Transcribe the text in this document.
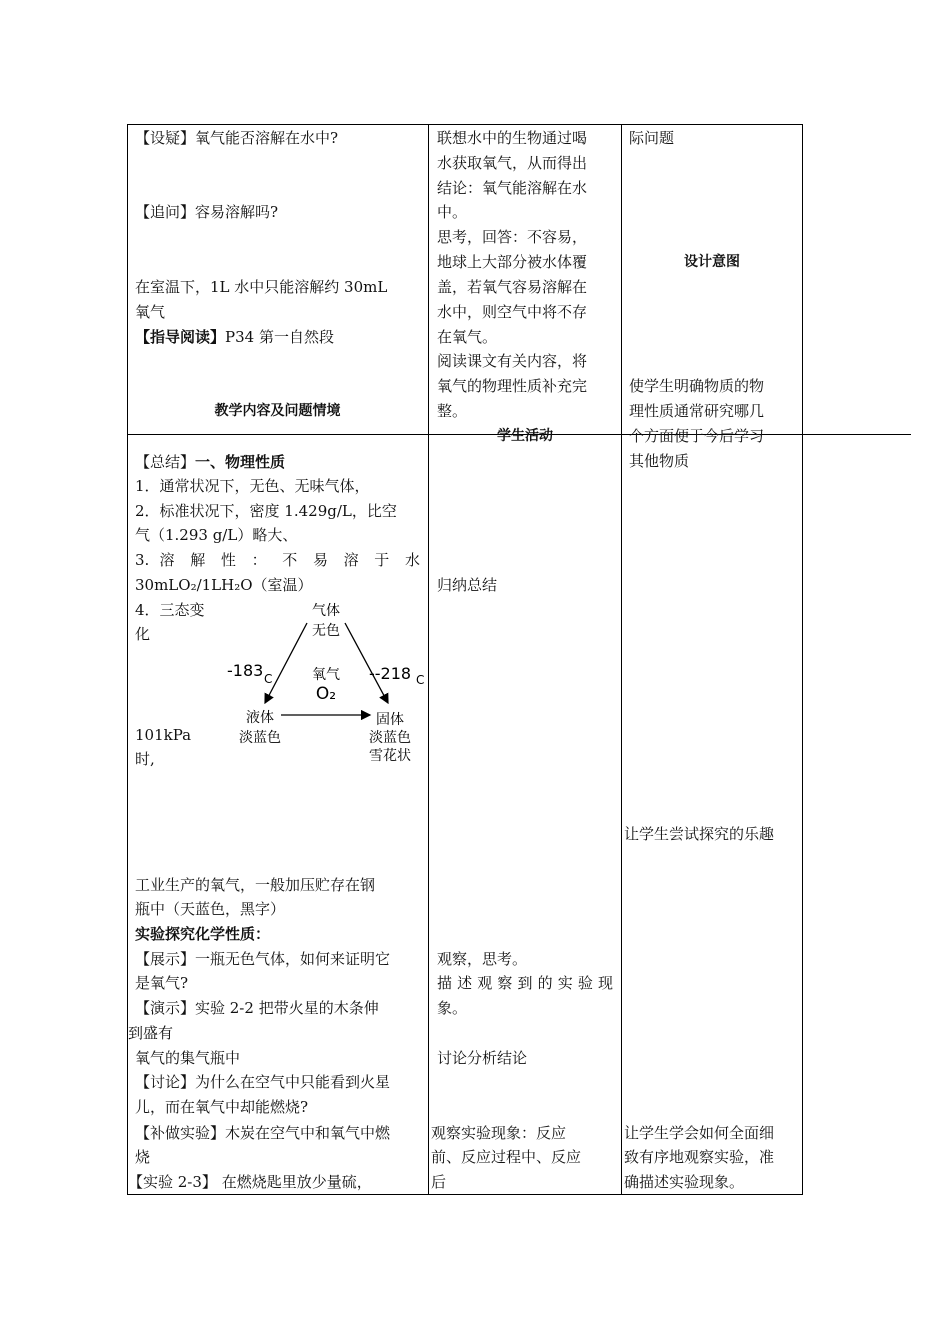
【设疑】氧气能否溶解在水中?
【追问】容易溶解吗?
在室温下，1L 水中只能溶解约 30mL
氧气
【指导阅读】P34 第一自然段
教学内容及问题情境
【总结】一、物理性质
1．通常状况下，无色、无味气体，
2．标准状况下，密度 1.429g/L，比空
气（1.293 g/L）略大、
3. 溶 解 性 ： 不 易 溶 于 水
30mLO₂/1LH₂O（室温）
4．三态变
化
101kPa
时,
气体
无色
-183 C	--218 C
氧气
O₂
液体
淡蓝色
固体
淡蓝色
雪花状
工业生产的氧气，一般加压贮存在钢
瓶中（天蓝色，黑字）
实验探究化学性质：
【展示】一瓶无色气体，如何来证明它
是氧气?
【演示】实验 2-2 把带火星的木条伸
到盛有
氧气的集气瓶中
【讨论】为什么在空气中只能看到火星
儿，而在氧气中却能燃烧?
【补做实验】木炭在空气中和氧气中燃
烧
【实验 2-3】 在燃烧匙里放少量硫，
联想水中的生物通过喝
水获取氧气，从而得出
结论：氧气能溶解在水
中。
思考，回答：不容易，
地球上大部分被水体覆
盖，若氧气容易溶解在
水中，则空气中将不存
在氧气。
阅读课文有关内容，将
氧气的物理性质补充完
整。
学生活动
归纳总结
观察，思考。
描述观察到的实验现
象。
讨论分析结论
观察实验现象：反应
前、反应过程中、反应
后
际问题
设计意图
使学生明确物质的物
理性质通常研究哪几
个方面便于今后学习
其他物质
让学生尝试探究的乐趣
让学生学会如何全面细
致有序地观察实验，准
确描述实验现象。
